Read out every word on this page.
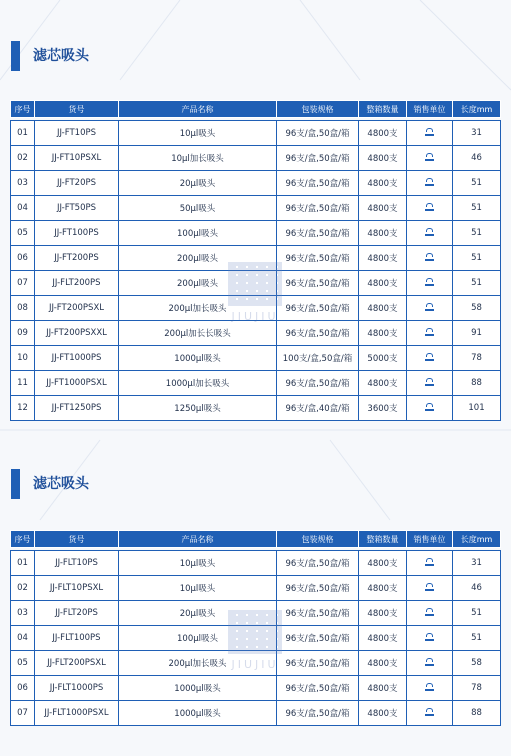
滤芯吸头
序号	货号	产品名称	包装规格	整箱数量	销售单位	长度mm

01	JJ-FT10PS	10μl吸头	96支/盒,50盒/箱	4800支		31
02	JJ-FT10PSXL	10μl加长吸头	96支/盒,50盒/箱	4800支		46
03	JJ-FT20PS	20μl吸头	96支/盒,50盒/箱	4800支		51
04	JJ-FT50PS	50μl吸头	96支/盒,50盒/箱	4800支		51
05	JJ-FT100PS	100μl吸头	96支/盒,50盒/箱	4800支		51
06	JJ-FT200PS	200μl吸头	96支/盒,50盒/箱	4800支		51
07	JJ-FLT200PS	200μl吸头	96支/盒,50盒/箱	4800支		51
08	JJ-FT200PSXL	200μl加长吸头	96支/盒,50盒/箱	4800支		58
09	JJ-FT200PSXXL	200μl加长长吸头	96支/盒,50盒/箱	4800支		91
10	JJ-FT1000PS	1000μl吸头	100支/盒,50盒/箱	5000支		78
11	JJ-FT1000PSXL	1000μl加长吸头	96支/盒,50盒/箱	4800支		88
12	JJ-FT1250PS	1250μl吸头	96支/盒,40盒/箱	3600支		101
JIUJIU
滤芯吸头
序号	货号	产品名称	包装规格	整箱数量	销售单位	长度mm

01	JJ-FLT10PS	10μl吸头	96支/盒,50盒/箱	4800支		31
02	JJ-FLT10PSXL	10μl吸头	96支/盒,50盒/箱	4800支		46
03	JJ-FLT20PS	20μl吸头	96支/盒,50盒/箱	4800支		51
04	JJ-FLT100PS	100μl吸头	96支/盒,50盒/箱	4800支		51
05	JJ-FLT200PSXL	200μl加长吸头	96支/盒,50盒/箱	4800支		58
06	JJ-FLT1000PS	1000μl吸头	96支/盒,50盒/箱	4800支		78
07	JJ-FLT1000PSXL	1000μl吸头	96支/盒,50盒/箱	4800支		88
JIUJIU
